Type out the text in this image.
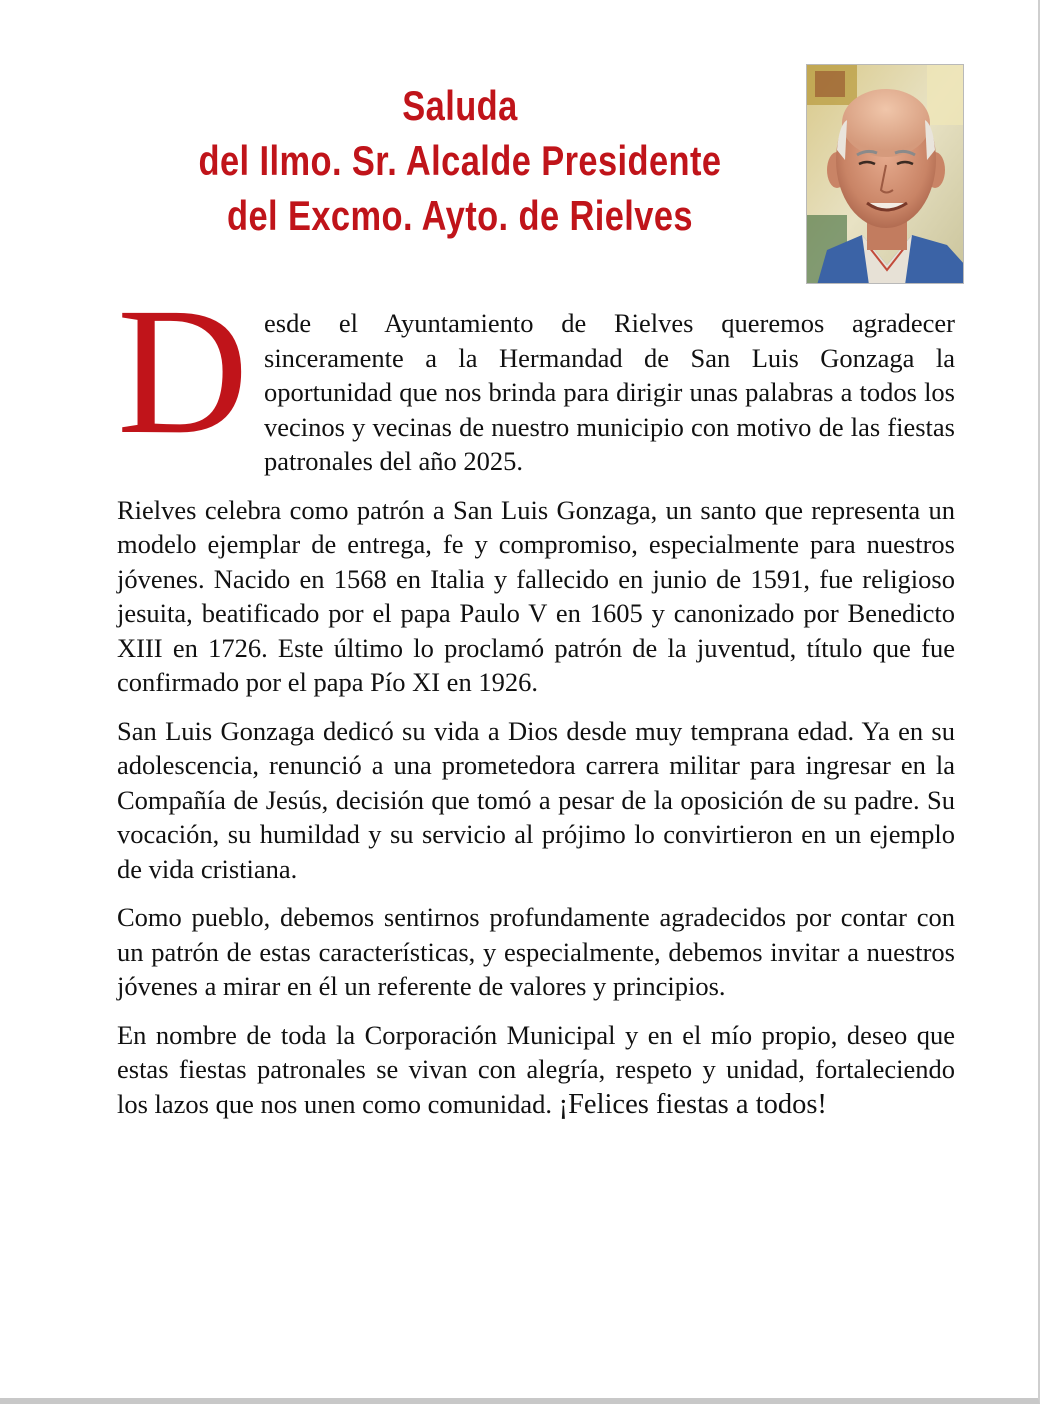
Saluda
del Ilmo. Sr. Alcalde Presidente
del Excmo. Ayto. de Rielves

D esde el Ayuntamiento de Rielves queremos agradecer sinceramente a la Hermandad de San Luis Gonzaga la oportunidad que nos brinda para dirigir unas palabras a todos los vecinos y vecinas de nuestro municipio con motivo de las fiestas patronales del año 2025.

Rielves celebra como patrón a San Luis Gonzaga, un santo que representa un modelo ejemplar de entrega, fe y compromiso, especialmente para nuestros jóvenes. Nacido en 1568 en Italia y fallecido en junio de 1591, fue religioso jesuita, beatificado por el papa Paulo V en 1605 y canonizado por Benedicto XIII en 1726. Este último lo proclamó patrón de la juventud, título que fue confirmado por el papa Pío XI en 1926.

San Luis Gonzaga dedicó su vida a Dios desde muy temprana edad. Ya en su adolescencia, renunció a una prometedora carrera militar para ingresar en la Compañía de Jesús, decisión que tomó a pesar de la oposición de su padre. Su vocación, su humildad y su servicio al prójimo lo convirtieron en un ejemplo de vida cristiana.

Como pueblo, debemos sentirnos profundamente agradecidos por contar con un patrón de estas características, y especialmente, debemos invitar a nuestros jóvenes a mirar en él un referente de valores y principios.

En nombre de toda la Corporación Municipal y en el mío propio, deseo que estas fiestas patronales se vivan con alegría, respeto y unidad, fortaleciendo los lazos que nos unen como comunidad. ¡Felices fiestas a todos!
